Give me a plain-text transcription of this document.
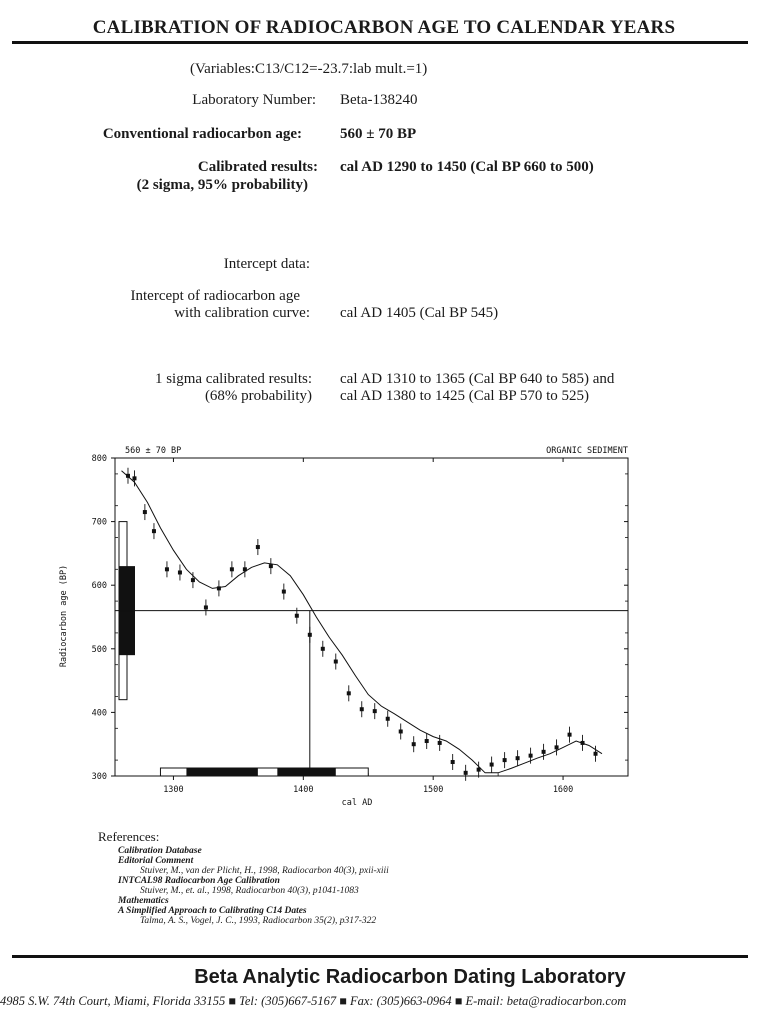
CALIBRATION OF RADIOCARBON AGE TO CALENDAR YEARS
(Variables:C13/C12=-23.7:lab mult.=1)
Laboratory Number: Beta-138240
Conventional radiocarbon age:	560 ± 70 BP
Calibrated results:
(2 sigma, 95% probability)
cal AD 1290 to 1450 (Cal BP 660 to 500)
Intercept data:
Intercept of radiocarbon age
with calibration curve: cal AD 1405 (Cal BP 545)
1 sigma calibrated results:
(68% probability)
cal AD 1310 to 1365 (Cal BP 640 to 585) and
cal AD 1380 to 1425 (Cal BP 570 to 525)
560 ± 70 BP	ORGANIC SEDIMENT
cal AD
Radiocarbon age (BP)
300
400
500
600
700
800
1300	1400	1500	1600
References:
Calibration Database
Editorial Comment
Stuiver, M., van der Plicht, H., 1998, Radiocarbon 40(3), pxii-xiii
INTCAL98 Radiocarbon Age Calibration
Stuiver, M., et. al., 1998, Radiocarbon 40(3), p1041-1083
Mathematics
A Simplified Approach to Calibrating C14 Dates
Talma, A. S., Vogel, J. C., 1993, Radiocarbon 35(2), p317-322
Beta Analytic Radiocarbon Dating Laboratory
4985 S.W. 74th Court, Miami, Florida 33155 ■ Tel: (305)667-5167 ■ Fax: (305)663-0964 ■ E-mail: beta@radiocarbon.com
